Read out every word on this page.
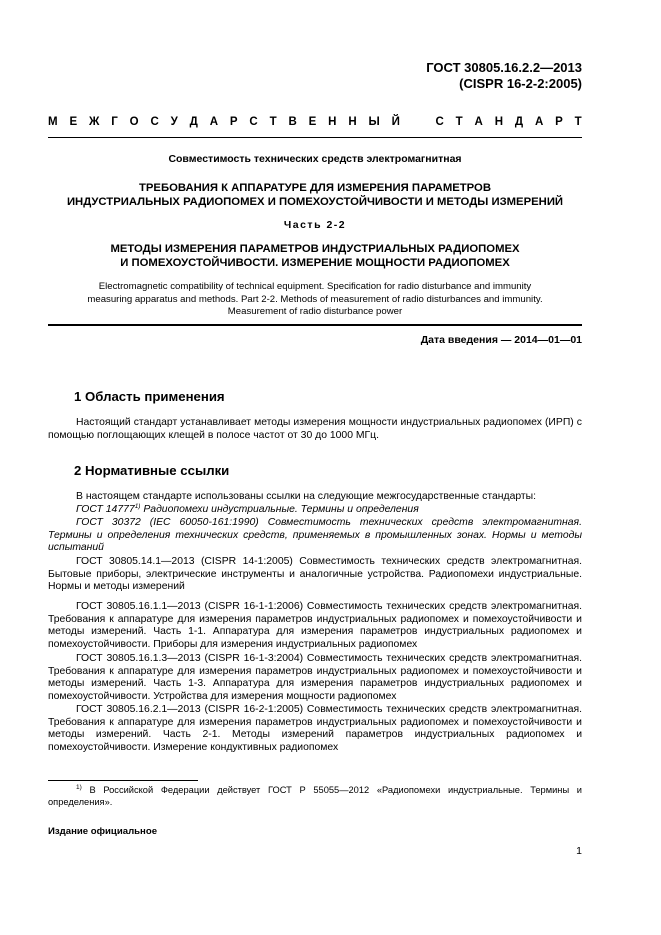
ГОСТ 30805.16.2.2—2013
(CISPR 16-2-2:2005)
М Е Ж Г О С У Д А Р С Т В Е Н Н Ы Й	С Т А Н Д А Р Т
Совместимость технических средств электромагнитная
ТРЕБОВАНИЯ К АППАРАТУРЕ ДЛЯ ИЗМЕРЕНИЯ ПАРАМЕТРОВ
ИНДУСТРИАЛЬНЫХ РАДИОПОМЕХ И ПОМЕХОУСТОЙЧИВОСТИ И МЕТОДЫ ИЗМЕРЕНИЙ
Часть 2-2
МЕТОДЫ ИЗМЕРЕНИЯ ПАРАМЕТРОВ ИНДУСТРИАЛЬНЫХ РАДИОПОМЕХ
И ПОМЕХОУСТОЙЧИВОСТИ. ИЗМЕРЕНИЕ МОЩНОСТИ РАДИОПОМЕХ
Electromagnetic compatibility of technical equipment. Specification for radio disturbance and immunity
measuring apparatus and methods. Part 2-2. Methods of measurement of radio disturbances and immunity.
Measurement of radio disturbance power
Дата введения — 2014—01—01
1 Область применения
Настоящий стандарт устанавливает методы измерения мощности индустриальных радиопомех (ИРП) с помощью поглощающих клещей в полосе частот от 30 до 1000 МГц.
2 Нормативные ссылки
В настоящем стандарте использованы ссылки на следующие межгосударственные стандарты:
ГОСТ 14777$^{1)}$ Радиопомехи индустриальные. Термины и определения
ГОСТ 30372 (IEC 60050-161:1990) Совместимость технических средств электромагнитная. Термины и определения технических средств, применяемых в промышленных зонах. Нормы и методы испытаний
ГОСТ 30805.14.1—2013 (CISPR 14-1:2005) Совместимость технических средств электромагнитная. Бытовые приборы, электрические инструменты и аналогичные устройства. Радиопомехи индустриальные. Нормы и методы измерений
ГОСТ 30805.16.1.1—2013 (CISPR 16-1-1:2006) Совместимость технических средств электромагнитная. Требования к аппаратуре для измерения параметров индустриальных радиопомех и помехоустойчивости и методы измерений. Часть 1-1. Аппаратура для измерения параметров индустриальных радиопомех и помехоустойчивости. Приборы для измерения индустриальных радиопомех
ГОСТ 30805.16.1.3—2013 (CISPR 16-1-3:2004) Совместимость технических средств электромагнитная. Требования к аппаратуре для измерения параметров индустриальных радиопомех и помехоустойчивости и методы измерений. Часть 1-3. Аппаратура для измерения параметров индустриальных радиопомех и помехоустойчивости. Устройства для измерения мощности радиопомех
ГОСТ 30805.16.2.1—2013 (CISPR 16-2-1:2005) Совместимость технических средств электромагнитная. Требования к аппаратуре для измерения параметров индустриальных радиопомех и помехоустойчивости и методы измерений. Часть 2-1. Методы измерений параметров индустриальных радиопомех и помехоустойчивости. Измерение кондуктивных радиопомех
$^{1)}$ В Российской Федерации действует ГОСТ Р 55055—2012 «Радиопомехи индустриальные. Термины и определения».
Издание официальное
1
